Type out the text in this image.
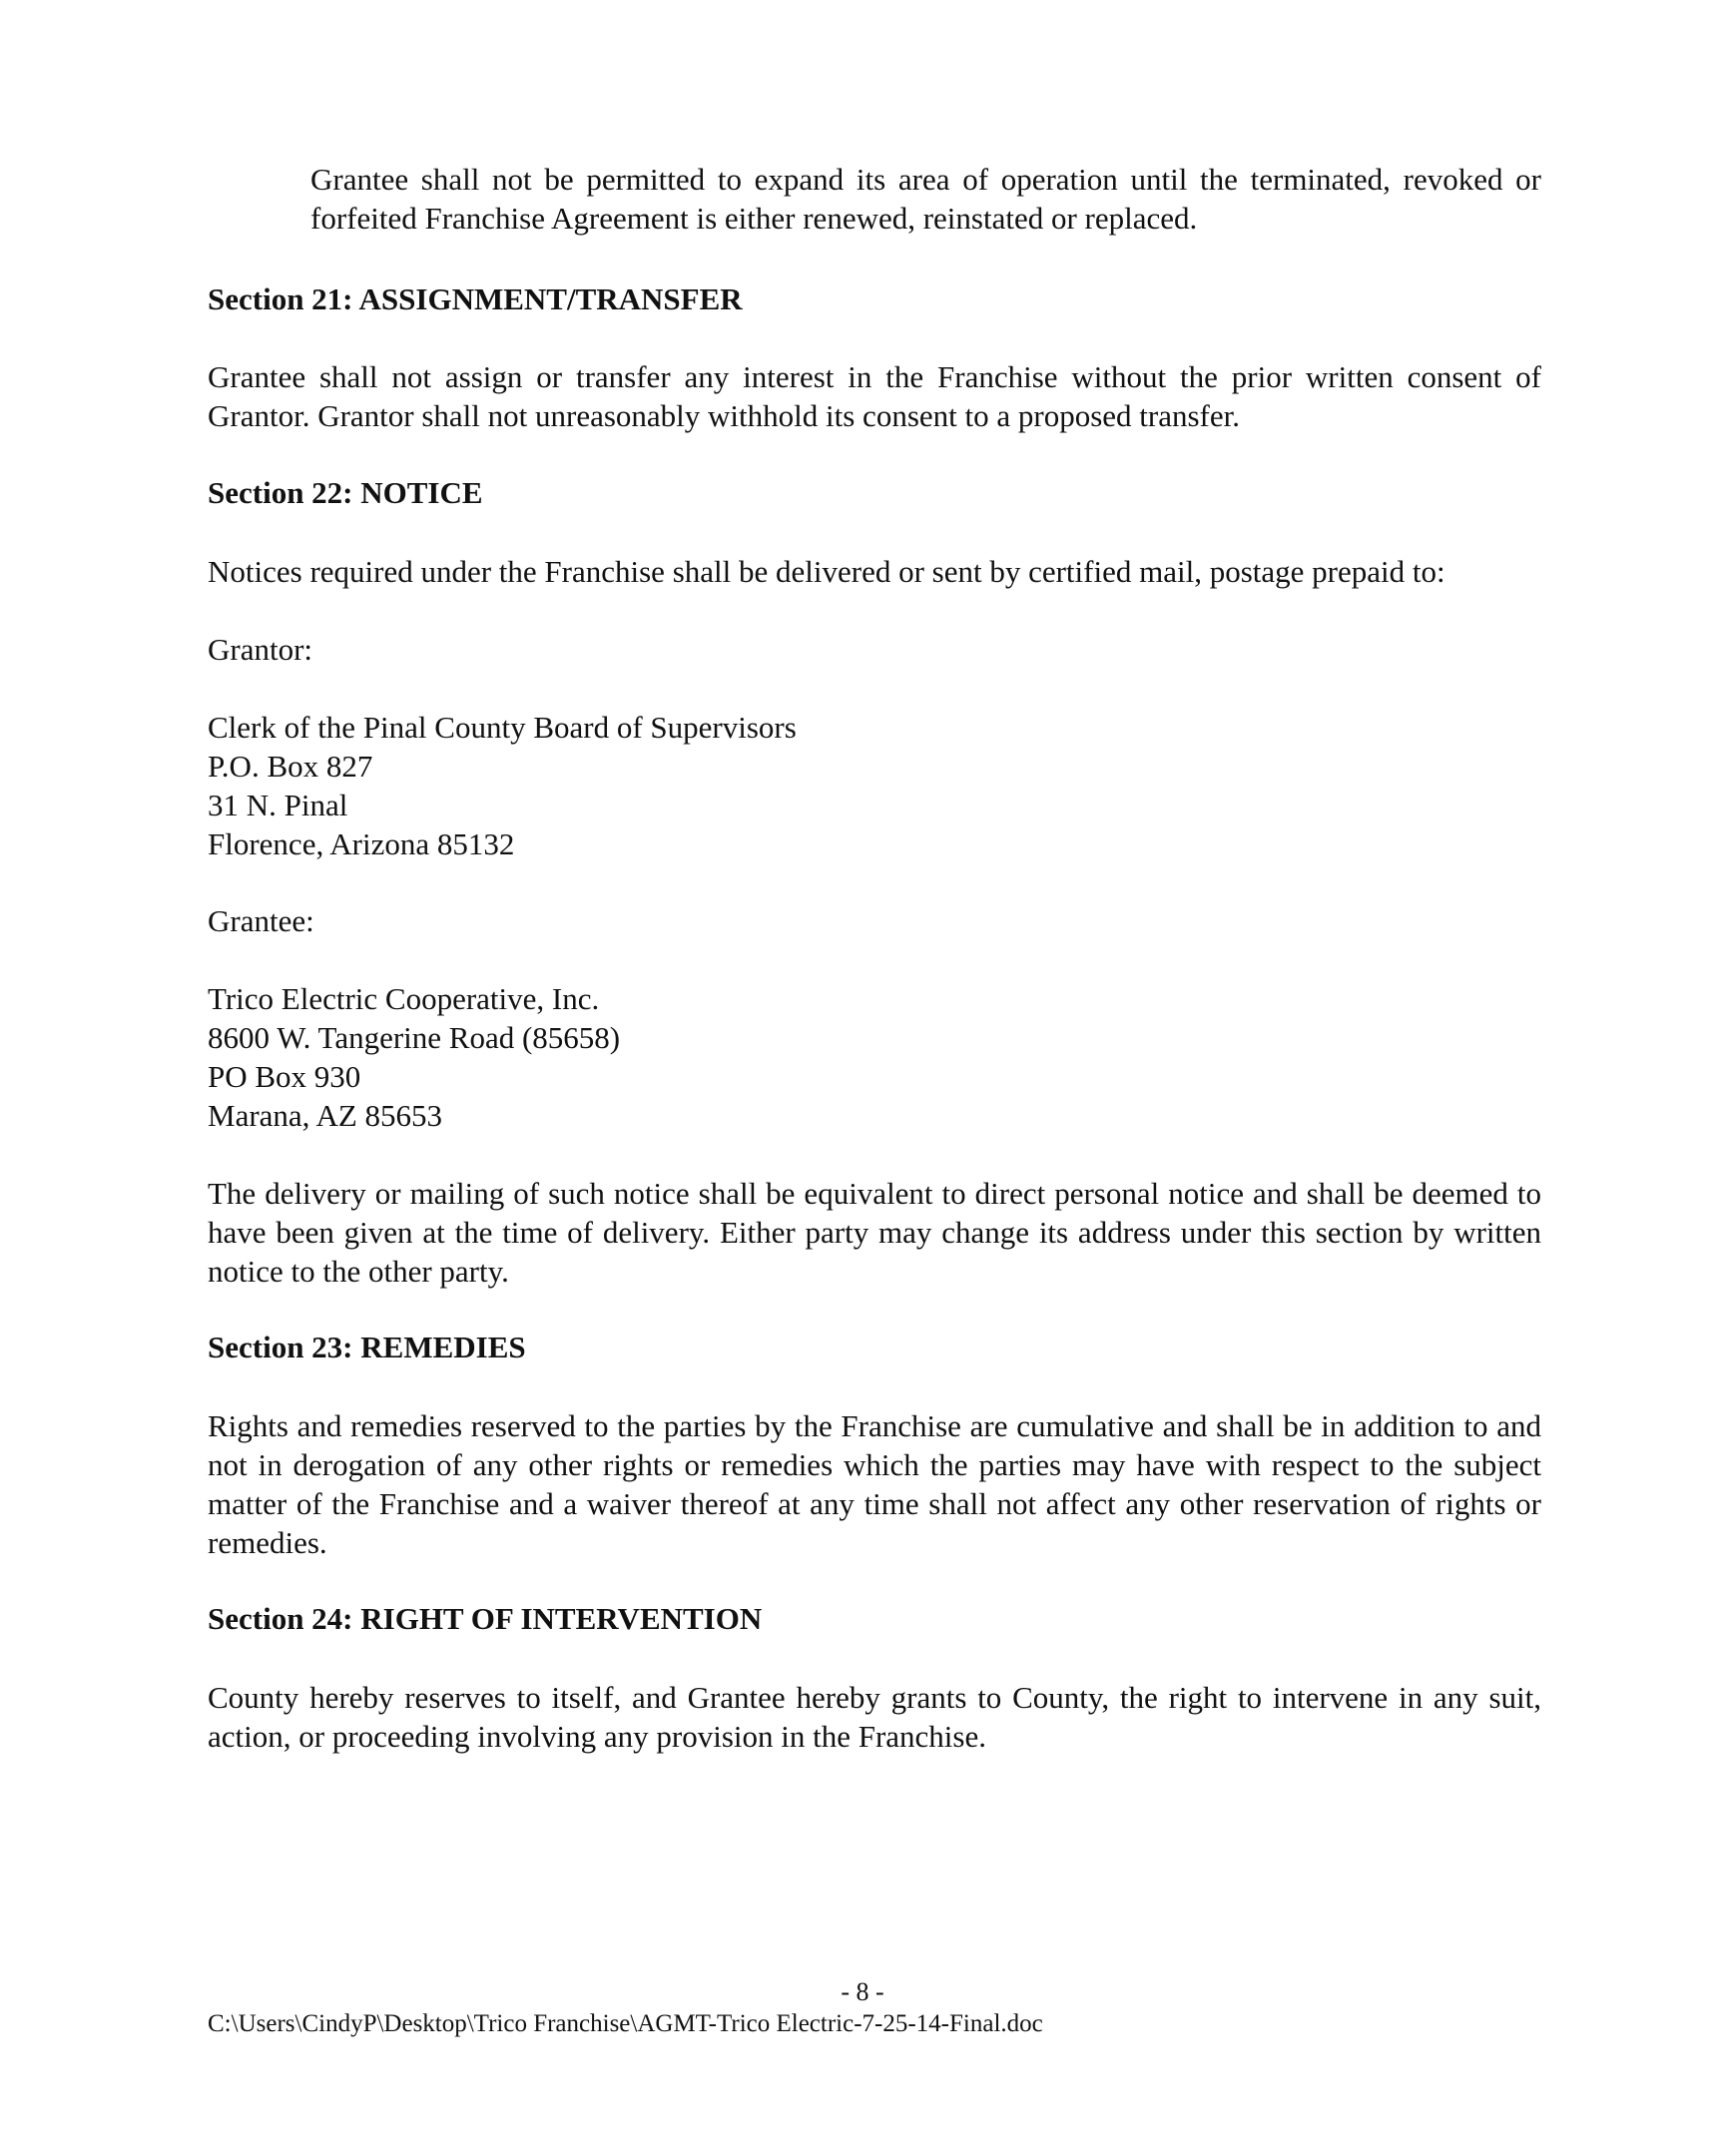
Grantee shall not be permitted to expand its area of operation until the terminated, revoked or forfeited Franchise Agreement is either renewed, reinstated or replaced.

Section 21: ASSIGNMENT/TRANSFER

Grantee shall not assign or transfer any interest in the Franchise without the prior written consent of Grantor. Grantor shall not unreasonably withhold its consent to a proposed transfer.

Section 22: NOTICE

Notices required under the Franchise shall be delivered or sent by certified mail, postage prepaid to:

Grantor:

Clerk of the Pinal County Board of Supervisors
P.O. Box 827
31 N. Pinal
Florence, Arizona 85132

Grantee:

Trico Electric Cooperative, Inc.
8600 W. Tangerine Road (85658)
PO Box 930
Marana, AZ 85653

The delivery or mailing of such notice shall be equivalent to direct personal notice and shall be deemed to have been given at the time of delivery. Either party may change its address under this section by written notice to the other party.

Section 23: REMEDIES

Rights and remedies reserved to the parties by the Franchise are cumulative and shall be in addition to and not in derogation of any other rights or remedies which the parties may have with respect to the subject matter of the Franchise and a waiver thereof at any time shall not affect any other reservation of rights or remedies.

Section 24: RIGHT OF INTERVENTION

County hereby reserves to itself, and Grantee hereby grants to County, the right to intervene in any suit, action, or proceeding involving any provision in the Franchise.

- 8 -
C:\Users\CindyP\Desktop\Trico Franchise\AGMT-Trico Electric-7-25-14-Final.doc
